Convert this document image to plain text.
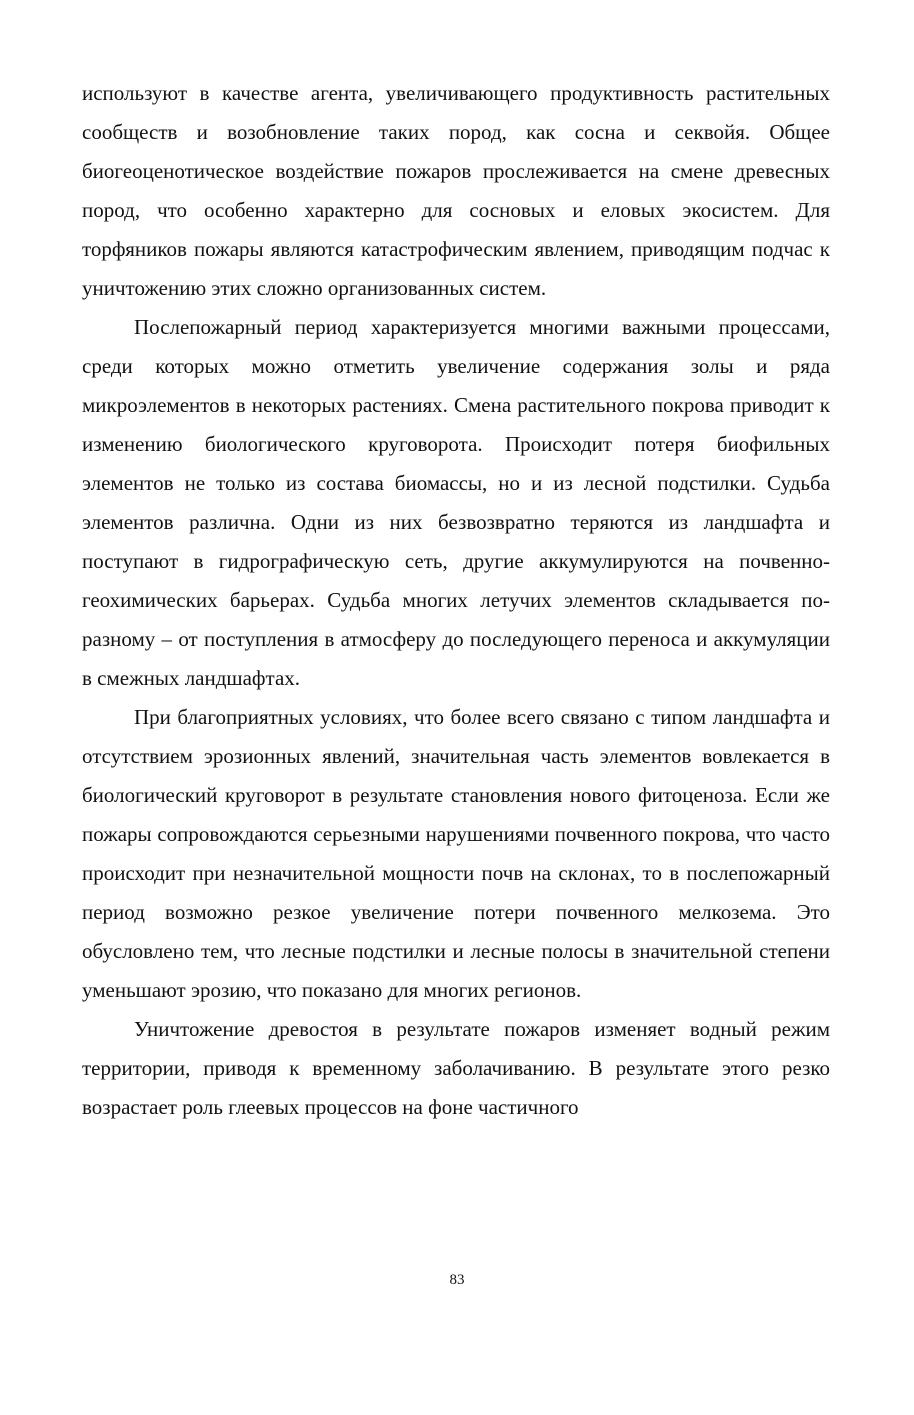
используют в качестве агента, увеличивающего продуктивность растительных сообществ и возобновление таких пород, как сосна и секвойя. Общее биогеоценотическое воздействие пожаров прослеживается на смене древесных пород, что особенно характерно для сосновых и еловых экосистем. Для торфяников пожары являются катастрофическим явлением, приводящим подчас к уничтожению этих сложно организованных систем.

Послепожарный период характеризуется многими важными процессами, среди которых можно отметить увеличение содержания золы и ряда микроэлементов в некоторых растениях. Смена растительного покрова приводит к изменению биологического круговорота. Происходит потеря биофильных элементов не только из состава биомассы, но и из лесной подстилки. Судьба элементов различна. Одни из них безвозвратно теряются из ландшафта и поступают в гидрографическую сеть, другие аккумулируются на почвенно-геохимических барьерах. Судьба многих летучих элементов складывается по-разному – от поступления в атмосферу до последующего переноса и аккумуляции в смежных ландшафтах.

При благоприятных условиях, что более всего связано с типом ландшафта и отсутствием эрозионных явлений, значительная часть элементов вовлекается в биологический круговорот в результате становления нового фитоценоза. Если же пожары сопровождаются серьезными нарушениями почвенного покрова, что часто происходит при незначительной мощности почв на склонах, то в послепожарный период возможно резкое увеличение потери почвенного мелкозема. Это обусловлено тем, что лесные подстилки и лесные полосы в значительной степени уменьшают эрозию, что показано для многих регионов.

Уничтожение древостоя в результате пожаров изменяет водный режим территории, приводя к временному заболачиванию. В результате этого резко возрастает роль глеевых процессов на фоне частичного

83
